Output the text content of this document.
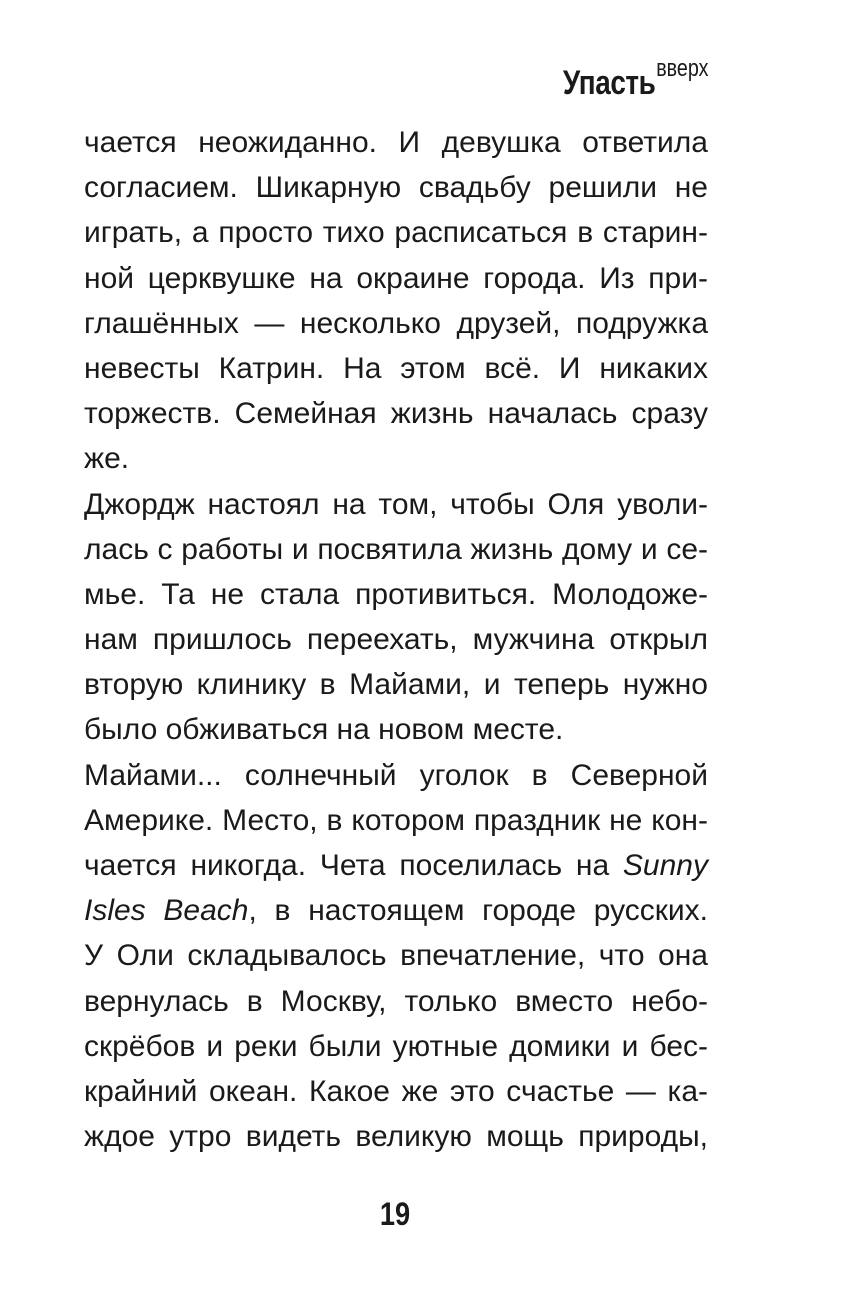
Упастьвверх
чается неожиданно. И девушка ответила
согласием. Шикарную свадьбу решили не
играть, а просто тихо расписаться в старин-
ной церквушке на окраине города. Из при-
глашённых — несколько друзей, подружка
невесты Катрин. На этом всё. И никаких
торжеств. Семейная жизнь началась сразу
же.
Джордж настоял на том, чтобы Оля уволи-
лась с работы и посвятила жизнь дому и се-
мье. Та не стала противиться. Молодоже-
нам пришлось переехать, мужчина открыл
вторую клинику в Майами, и теперь нужно
было обживаться на новом месте.
Майами... солнечный уголок в Северной
Америке. Место, в котором праздник не кон-
чается никогда. Чета поселилась на Sunny
Isles Beach, в настоящем городе русских.
У Оли складывалось впечатление, что она
вернулась в Москву, только вместо небо-
скрёбов и реки были уютные домики и бес-
крайний океан. Какое же это счастье — ка-
ждое утро видеть великую мощь природы,
19
